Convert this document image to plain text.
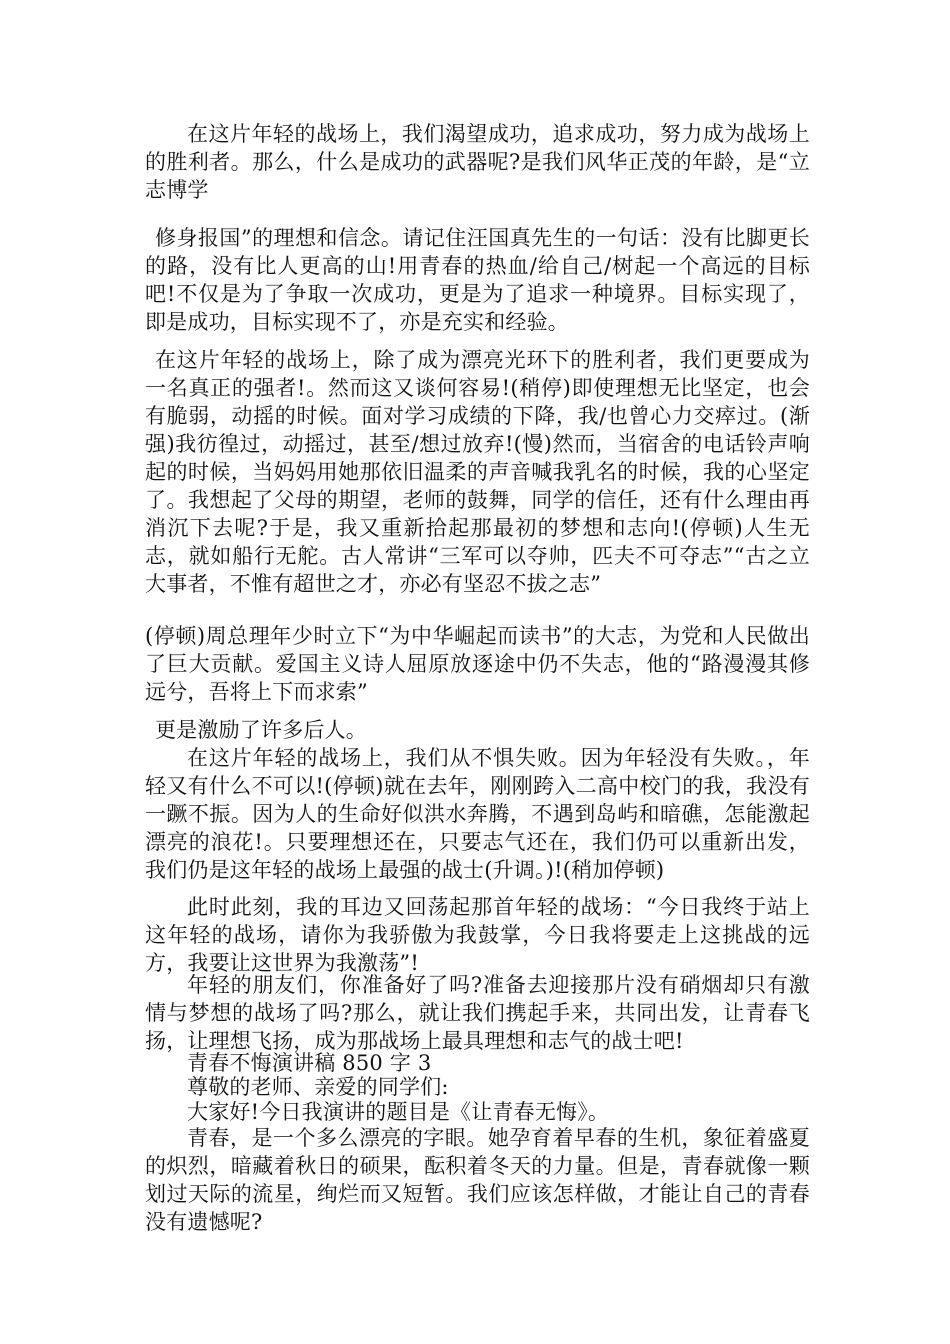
在这片年轻的战场上，我们渴望成功，追求成功，努力成为战场上的胜利者。那么，什么是成功的武器呢?是我们风华正茂的年龄，是“立志博学

修身报国”的理想和信念。请记住汪国真先生的一句话：没有比脚更长的路，没有比人更高的山!用青春的热血/给自己/树起一个高远的目标吧!不仅是为了争取一次成功，更是为了追求一种境界。目标实现了，即是成功，目标实现不了，亦是充实和经验。

在这片年轻的战场上，除了成为漂亮光环下的胜利者，我们更要成为一名真正的强者!。然而这又谈何容易!(稍停)即使理想无比坚定，也会有脆弱，动摇的时候。面对学习成绩的下降，我/也曾心力交瘁过。(渐强)我彷徨过，动摇过，甚至/想过放弃!(慢)然而，当宿舍的电话铃声响起的时候，当妈妈用她那依旧温柔的声音喊我乳名的时候，我的心坚定了。我想起了父母的期望，老师的鼓舞，同学的信任，还有什么理由再消沉下去呢?于是，我又重新拾起那最初的梦想和志向!(停顿)人生无志，就如船行无舵。古人常讲“三军可以夺帅，匹夫不可夺志”“古之立大事者，不惟有超世之才，亦必有坚忍不拔之志”

(停顿)周总理年少时立下“为中华崛起而读书”的大志，为党和人民做出了巨大贡献。爱国主义诗人屈原放逐途中仍不失志，他的“路漫漫其修远兮，吾将上下而求索”

更是激励了许多后人。

在这片年轻的战场上，我们从不惧失败。因为年轻没有失败。，年轻又有什么不可以!(停顿)就在去年，刚刚跨入二高中校门的我，我没有一蹶不振。因为人的生命好似洪水奔腾，不遇到岛屿和暗礁，怎能激起漂亮的浪花!。只要理想还在，只要志气还在，我们仍可以重新出发，我们仍是这年轻的战场上最强的战士(升调。)!(稍加停顿)

此时此刻，我的耳边又回荡起那首年轻的战场：“今日我终于站上这年轻的战场，请你为我骄傲为我鼓掌，今日我将要走上这挑战的远方，我要让这世界为我激荡”!

年轻的朋友们，你准备好了吗?准备去迎接那片没有硝烟却只有激情与梦想的战场了吗?那么，就让我们携起手来，共同出发，让青春飞扬，让理想飞扬，成为那战场上最具理想和志气的战士吧!

青春不悔演讲稿 850 字 3

尊敬的老师、亲爱的同学们:

大家好!今日我演讲的题目是《让青春无悔》。

青春，是一个多么漂亮的字眼。她孕育着早春的生机，象征着盛夏的炽烈，暗藏着秋日的硕果，酝积着冬天的力量。但是，青春就像一颗划过天际的流星，绚烂而又短暂。我们应该怎样做，才能让自己的青春没有遗憾呢?
